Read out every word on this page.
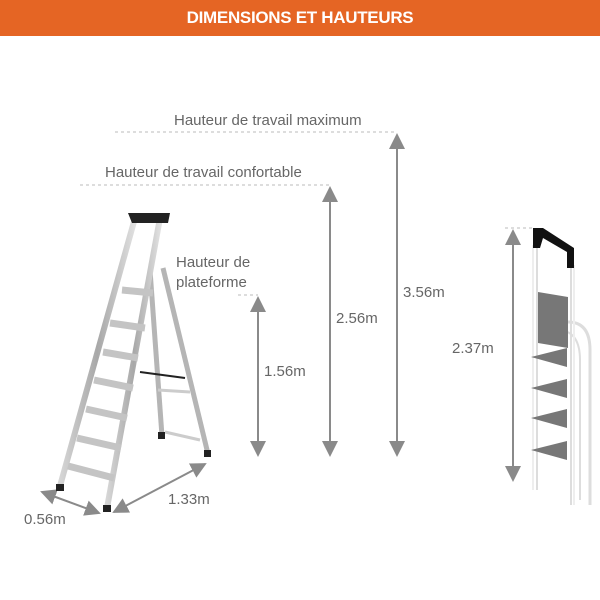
DIMENSIONS ET HAUTEURS
Hauteur de travail maximum
Hauteur de travail confortable
Hauteur de
plateforme
1.56m
2.56m
3.56m
2.37m
0.56m
1.33m
